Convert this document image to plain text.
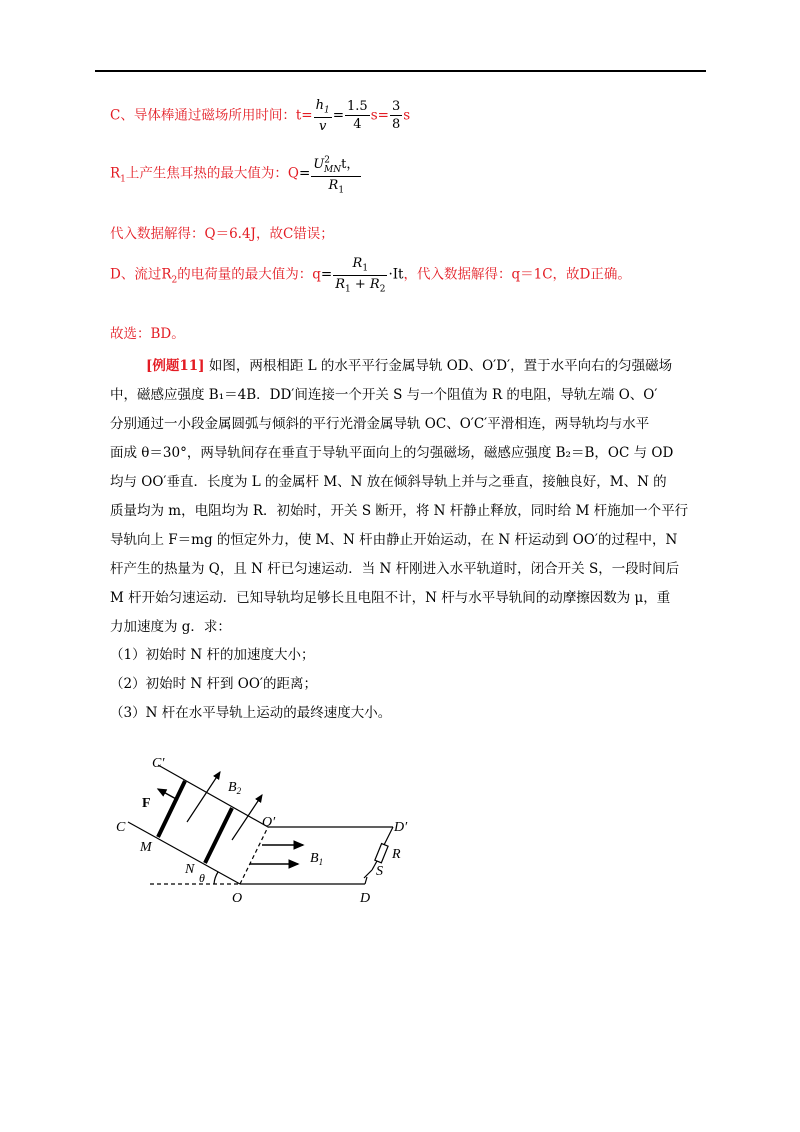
C、导体棒通过磁场所用时间：$t= \frac{h_1}{v} = \frac{1.5}{4} s= \frac{3}{8}$ s
$R_1$上产生焦耳热的最大值为：$Q= \frac{U^2_{MN}t,}{R_1}$
代入数据解得：Q＝6.4J，故C错误；
D、流过$R_2$的电荷量的最大值为：$q= \frac{R_1}{R_1 + R_2} \cdot It$，代入数据解得：q＝1C，故D正确。
故选：BD。
[例题11] 如图，两根相距 L 的水平平行金属导轨 OD、O′D′，置于水平向右的匀强磁场
中，磁感应强度 B₁＝4B．DD′间连接一个开关 S 与一个阻值为 R 的电阻，导轨左端 O、O′
分别通过一小段金属圆弧与倾斜的平行光滑金属导轨 OC、O′C′平滑相连，两导轨均与水平
面成 θ＝30°，两导轨间存在垂直于导轨平面向上的匀强磁场，磁感应强度 B₂＝B，OC 与 OD
均与 OO′垂直．长度为 L 的金属杆 M、N 放在倾斜导轨上并与之垂直，接触良好，M、N 的
质量均为 m，电阻均为 R．初始时，开关 S 断开，将 N 杆静止释放，同时给 M 杆施加一个平行
导轨向上 F＝mg 的恒定外力，使 M、N 杆由静止开始运动，在 N 杆运动到 OO′的过程中，N
杆产生的热量为 Q，且 N 杆已匀速运动．当 N 杆刚进入水平轨道时，闭合开关 S，一段时间后
M 杆开始匀速运动．已知导轨均足够长且电阻不计，N 杆与水平导轨间的动摩擦因数为 μ，重
力加速度为 g．求：
（1）初始时 N 杆的加速度大小；
（2）初始时 N 杆到 OO′的距离；
（3）N 杆在水平导轨上运动的最终速度大小。
C′
C
F
M
N
θ
$B_2$
O′
$B_1$
D′
R
S
O	D
